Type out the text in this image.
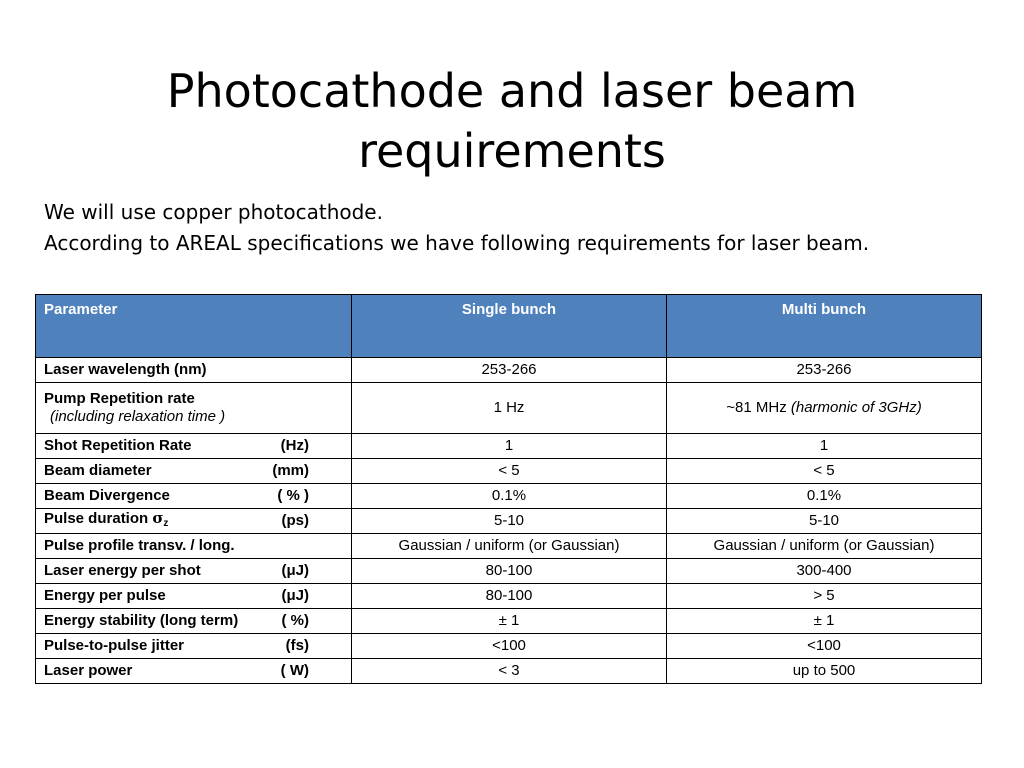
Photocathode and laser beam
requirements
We will use copper photocathode.
According to AREAL specifications we have following requirements for laser beam.
Parameter	Single bunch	Multi bunch
Laser wavelength (nm)	253-266	253-266
Pump Repetition rate
(including relaxation time )	1 Hz	~81 MHz (harmonic of 3GHz)
Shot Repetition Rate (Hz)	1	1
Beam diameter (mm)	< 5	< 5
Beam Divergence ( % )	0.1%	0.1%
Pulse duration $\sigma_z$ (ps)	5-10	5-10
Pulse profile transv. / long.	Gaussian / uniform (or Gaussian)	Gaussian / uniform (or Gaussian)
Laser energy per shot (μJ)	80-100	300-400
Energy per pulse (μJ)	80-100	> 5
Energy stability (long term) ( %)	± 1	± 1
Pulse-to-pulse jitter (fs)	<100	<100
Laser power ( W)	< 3	up to 500
